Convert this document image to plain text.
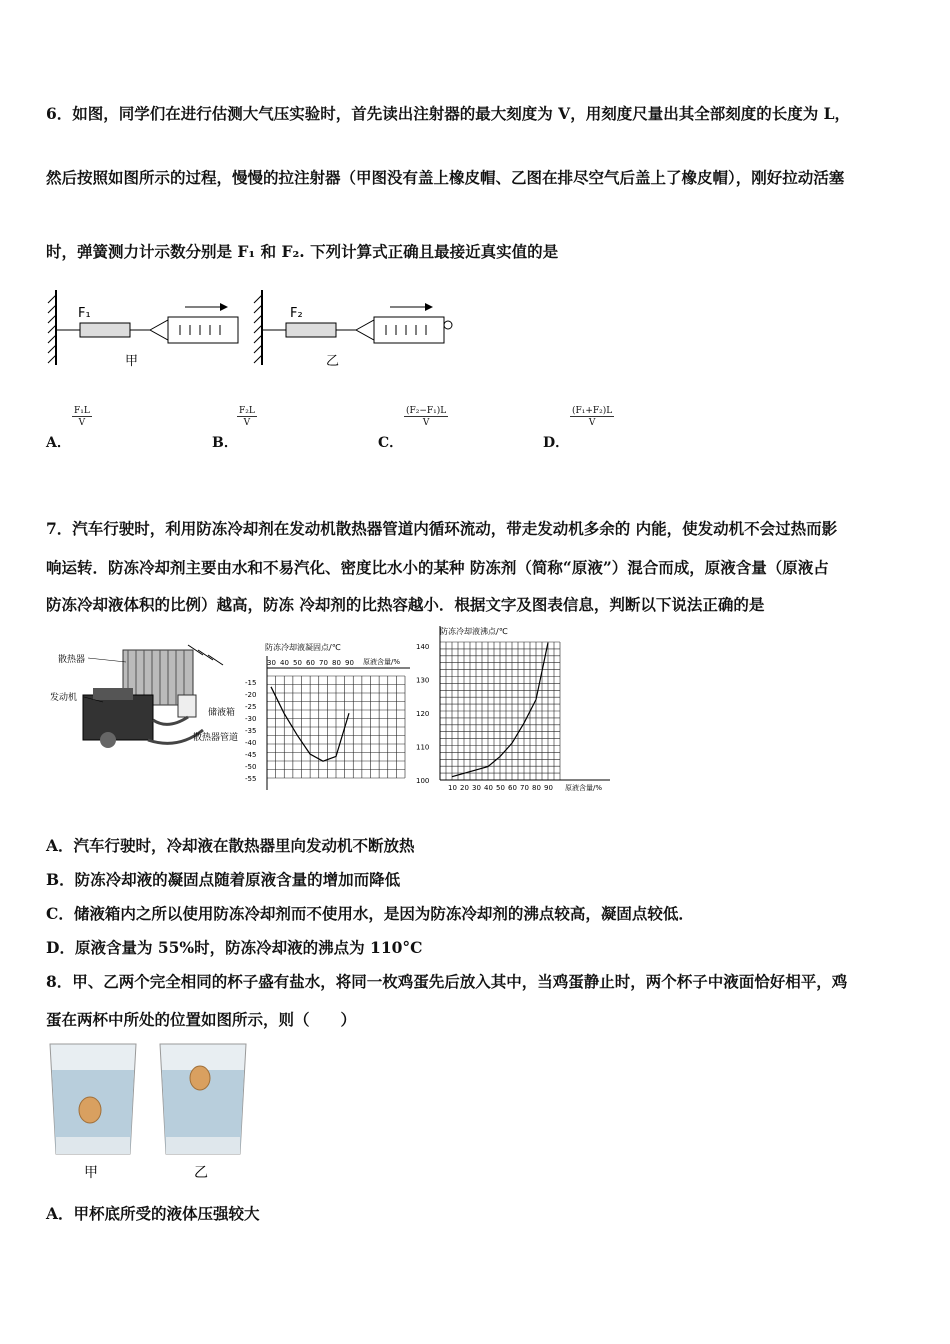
6．如图，同学们在进行估测大气压实验时，首先读出注射器的最大刻度为 V，用刻度尺量出其全部刻度的长度为 L，
然后按照如图所示的过程，慢慢的拉注射器（甲图没有盖上橡皮帽、乙图在排尽空气后盖上了橡皮帽），刚好拉动活塞
时，弹簧测力计示数分别是 F₁ 和 F₂. 下列计算式正确且最接近真实值的是
F₁
甲
F₂
乙
A．
$\frac{\text{F₁L}}{V}$
B．
$\frac{\text{F₂L}}{V}$
C．
$\frac{\text{(F₂−F₁)L}}{V}$
D．
$\frac{\text{(F₁+F₂)L}}{V}$
7．汽车行驶时，利用防冻冷却剂在发动机散热器管道内循环流动，带走发动机多余的 内能，使发动机不会过热而影
响运转．防冻冷却剂主要由水和不易汽化、密度比水小的某种 防冻剂（简称“原液”）混合而成，原液含量（原液占
防冻冷却液体积的比例）越高，防冻 冷却剂的比热容越小．根据文字及图表信息，判断以下说法正确的是
散热器
发动机
储液箱
散热器管道
防冻冷却液凝固点/℃
原液含量/%
30 40 50 60 70 80 90
-15
-20
-25
-30
-35
-40
-45
-50
-55
防冻冷却液沸点/℃
原液含量/%
10 20 30 40 50 60 70 80 90
140
130
120
110
100
A．汽车行驶时，冷却液在散热器里向发动机不断放热
B．防冻冷却液的凝固点随着原液含量的增加而降低
C．储液箱内之所以使用防冻冷却剂而不使用水，是因为防冻冷却剂的沸点较高，凝固点较低．
D．原液含量为 55%时，防冻冷却液的沸点为 110°C
8．甲、乙两个完全相同的杯子盛有盐水，将同一枚鸡蛋先后放入其中，当鸡蛋静止时，两个杯子中液面恰好相平，鸡
蛋在两杯中所处的位置如图所示，则（　　）
甲	乙
A．甲杯底所受的液体压强较大
